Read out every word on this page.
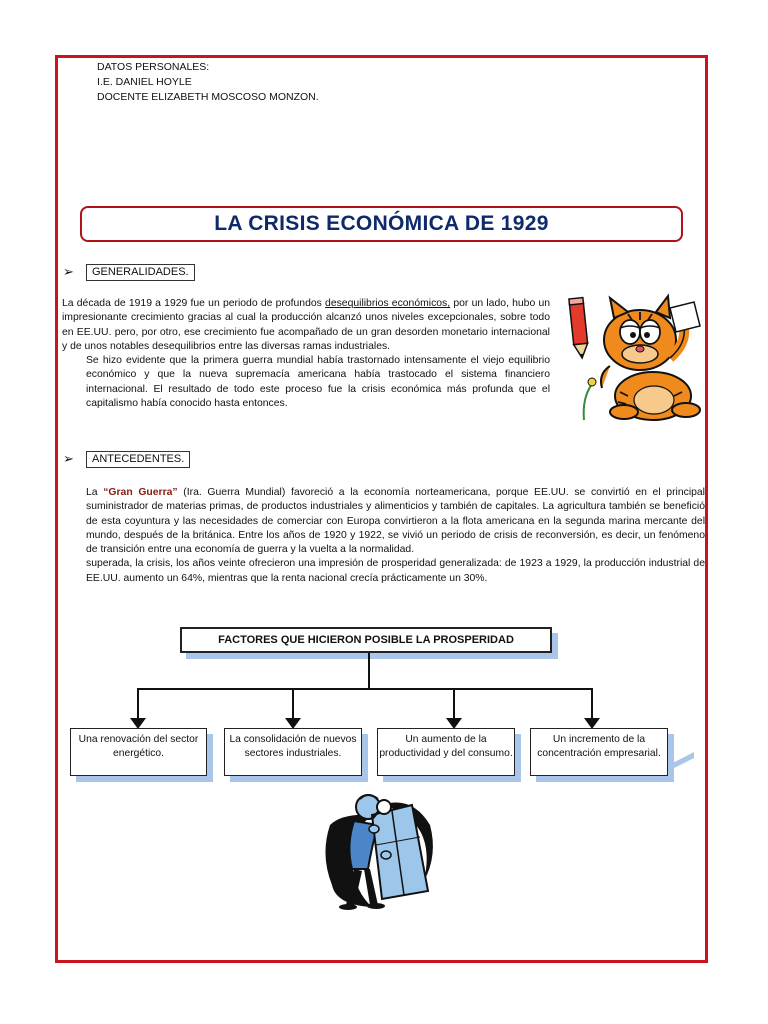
DATOS PERSONALES:
I.E. DANIEL HOYLE
DOCENTE ELIZABETH MOSCOSO MONZON.
LA CRISIS ECONÓMICA DE 1929
➢	GENERALIDADES.

La década de 1919 a 1929 fue un periodo de profundos desequilibrios económicos, por un lado, hubo un impresionante crecimiento gracias al cual la producción alcanzó unos niveles excepcionales, sobre todo en EE.UU. pero, por otro, ese crecimiento fue acompañado de un gran desorden monetario internacional y de unos notables desequilibrios entre las diversas ramas industriales.

Se hizo evidente que la primera guerra mundial había trastornado intensamente el viejo equilibrio económico y que la nueva supremacía americana había trastocado el sistema financiero internacional. El resultado de todo este proceso fue la crisis económica más profunda que el capitalismo había conocido hasta entonces.

➢	ANTECEDENTES.

La “Gran Guerra” (Ira. Guerra Mundial) favoreció a la economía norteamericana, porque EE.UU. se convirtió en el principal suministrador de materias primas, de productos industriales y alimenticios y también de capitales. La agricultura también se benefició de esta coyuntura y las necesidades de comerciar con Europa convirtieron a la flota americana en la segunda marina mercante del mundo, después de la británica. Entre los años de 1920 y 1922, se vivió un periodo de crisis de reconversión, es decir, un fenómeno de transición entre una economía de guerra y la vuelta a la normalidad.

superada, la crisis, los años veinte ofrecieron una impresión de prosperidad generalizada: de 1923 a 1929, la producción industrial de EE.UU. aumento un 64%, mientras que la renta nacional crecía prácticamente un 30%.

FACTORES QUE HICIERON POSIBLE LA PROSPERIDAD
Una renovación del sector energético.
La consolidación de nuevos sectores industriales.
Un aumento de la productividad y del consumo.
Un incremento de la concentración empresarial.
